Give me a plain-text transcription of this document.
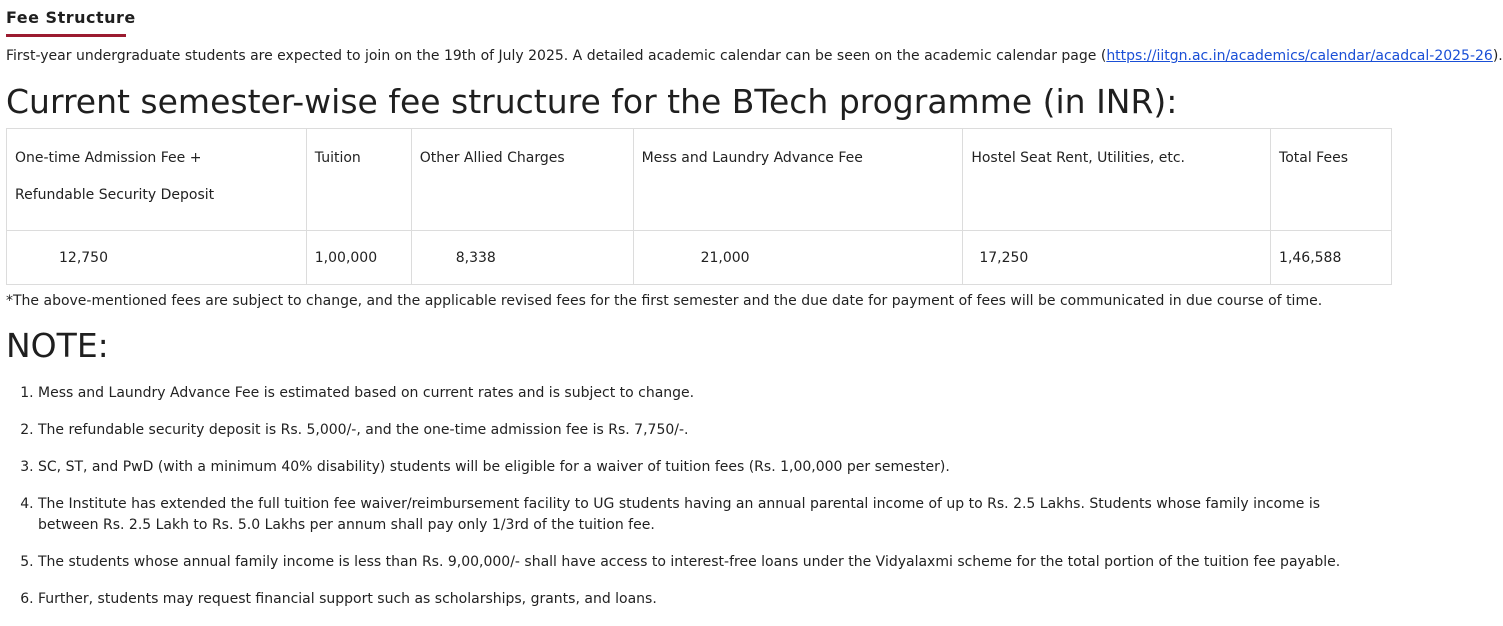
Fee Structure
First-year undergraduate students are expected to join on the 19th of July 2025. A detailed academic calendar can be seen on the academic calendar page (https://iitgn.ac.in/academics/calendar/acadcal-2025-26).
Current semester-wise fee structure for the BTech programme (in INR):
One-time Admission Fee +
Refundable Security Deposit	Tuition	Other Allied Charges	Mess and Laundry Advance Fee	Hostel Seat Rent, Utilities, etc.	Total Fees

12,750	1,00,000	8,338	21,000	17,250	1,46,588
*The above-mentioned fees are subject to change, and the applicable revised fees for the first semester and the due date for payment of fees will be communicated in due course of time.
NOTE:
1. Mess and Laundry Advance Fee is estimated based on current rates and is subject to change.
2. The refundable security deposit is Rs. 5,000/-, and the one-time admission fee is Rs. 7,750/-.
3. SC, ST, and PwD (with a minimum 40% disability) students will be eligible for a waiver of tuition fees (Rs. 1,00,000 per semester).
4. The Institute has extended the full tuition fee waiver/reimbursement facility to UG students having an annual parental income of up to Rs. 2.5 Lakhs. Students whose family income is between Rs. 2.5 Lakh to Rs. 5.0 Lakhs per annum shall pay only 1/3rd of the tuition fee.
5. The students whose annual family income is less than Rs. 9,00,000/- shall have access to interest-free loans under the Vidyalaxmi scheme for the total portion of the tuition fee payable.
6. Further, students may request financial support such as scholarships, grants, and loans.
